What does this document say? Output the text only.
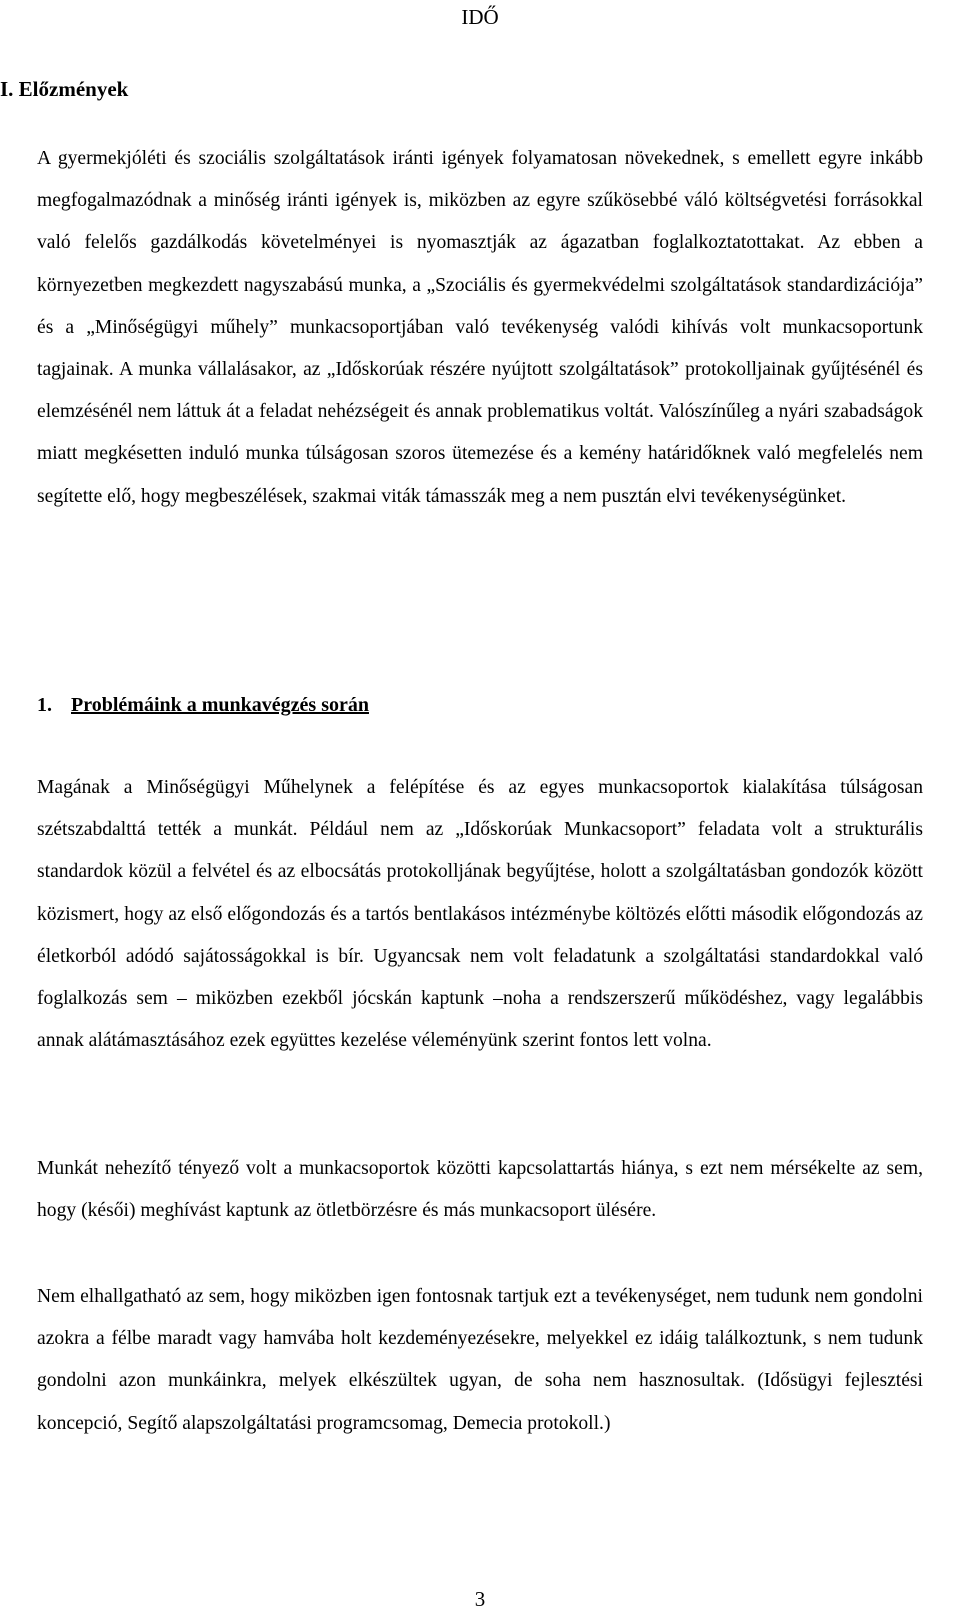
IDŐ
I. Előzmények

A gyermekjóléti és szociális szolgáltatások iránti igények folyamatosan növekednek, s emellett egyre inkább megfogalmazódnak a minőség iránti igények is, miközben az egyre szűkösebbé váló költségvetési forrásokkal való felelős gazdálkodás követelményei is nyomasztják az ágazatban foglalkoztatottakat. Az ebben a környezetben megkezdett nagyszabású munka, a „Szociális és gyermekvédelmi szolgáltatások standardizációja” és a „Minőségügyi műhely” munkacsoportjában való tevékenység valódi kihívás volt munkacsoportunk tagjainak. A munka vállalásakor, az „Időskorúak részére nyújtott szolgáltatások” protokolljainak gyűjtésénél és elemzésénél nem láttuk át a feladat nehézségeit és annak problematikus voltát. Valószínűleg a nyári szabadságok miatt megkésetten induló munka túlságosan szoros ütemezése és a kemény határidőknek való megfelelés nem segítette elő, hogy megbeszélések, szakmai viták támasszák meg a nem pusztán elvi tevékenységünket.

1. Problémáink a munkavégzés során

Magának a Minőségügyi Műhelynek a felépítése és az egyes munkacsoportok kialakítása túlságosan szétszabdalttá tették a munkát. Például nem az „Időskorúak Munkacsoport” feladata volt a strukturális standardok közül a felvétel és az elbocsátás protokolljának begyűjtése, holott a szolgáltatásban gondozók között közismert, hogy az első előgondozás és a tartós bentlakásos intézménybe költözés előtti második előgondozás az életkorból adódó sajátosságokkal is bír. Ugyancsak nem volt feladatunk a szolgáltatási standardokkal való foglalkozás sem – miközben ezekből jócskán kaptunk –noha a rendszerszerű működéshez, vagy legalábbis annak alátámasztásához ezek együttes kezelése véleményünk szerint fontos lett volna.

Munkát nehezítő tényező volt a munkacsoportok közötti kapcsolattartás hiánya, s ezt nem mérsékelte az sem, hogy (késői) meghívást kaptunk az ötletbörzésre és más munkacsoport ülésére.

Nem elhallgatható az sem, hogy miközben igen fontosnak tartjuk ezt a tevékenységet, nem tudunk nem gondolni azokra a félbe maradt vagy hamvába holt kezdeményezésekre, melyekkel ez idáig találkoztunk, s nem tudunk gondolni azon munkáinkra, melyek elkészültek ugyan, de soha nem hasznosultak. (Idősügyi fejlesztési koncepció, Segítő alapszolgáltatási programcsomag, Demecia protokoll.)

3
